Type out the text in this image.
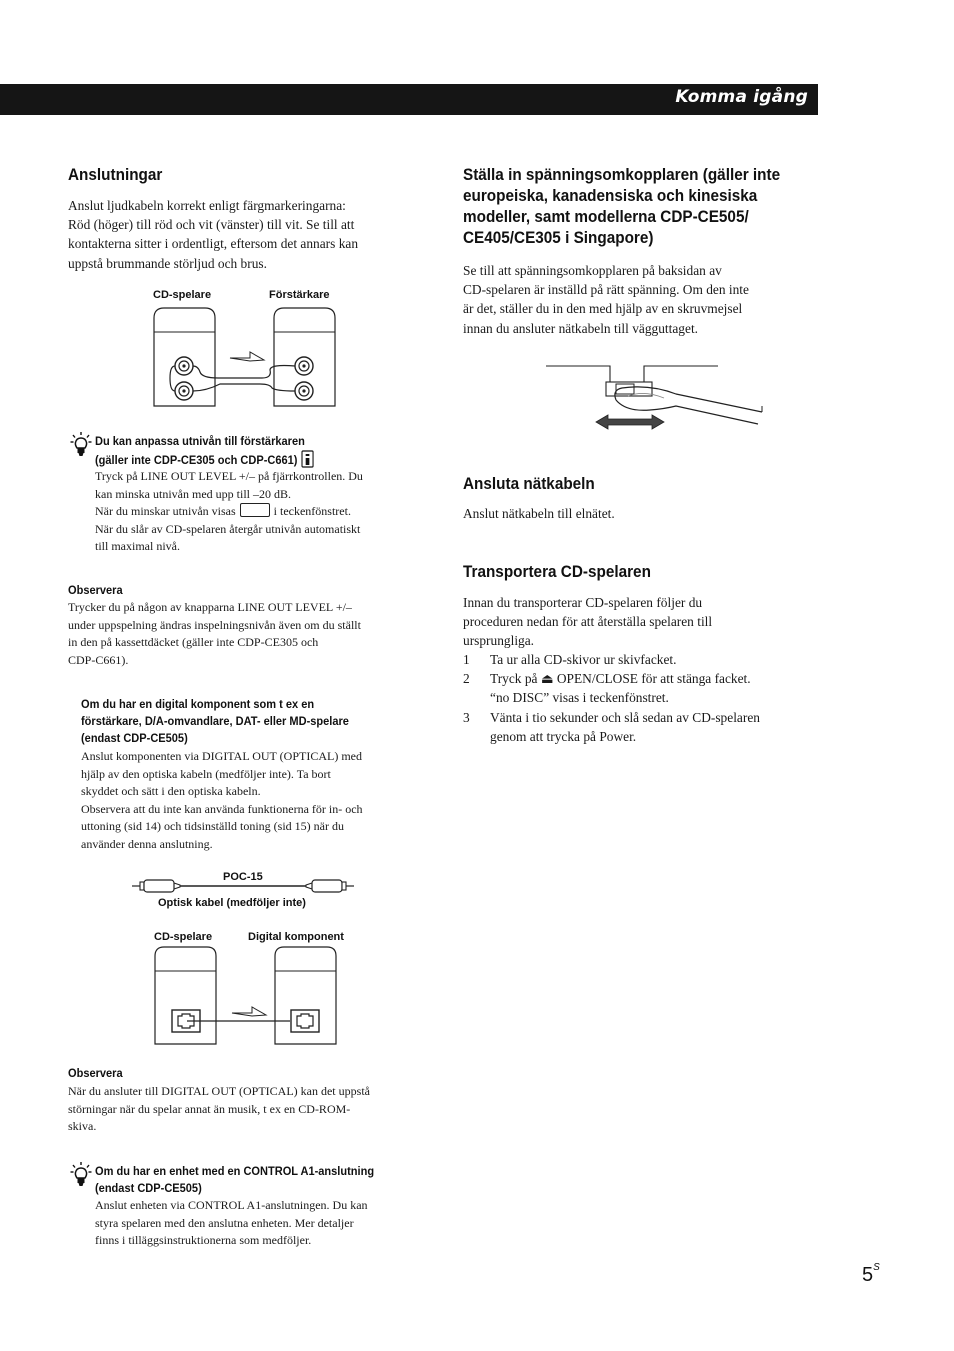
Komma igång
Anslutningar
Anslut ljudkabeln korrekt enligt färgmarkeringarna:
Röd (höger) till röd och vit (vänster) till vit. Se till att
kontakterna sitter i ordentligt, eftersom det annars kan
uppstå brummande störljud och brus.
CD-spelare	Förstärkare
Du kan anpassa utnivån till förstärkaren
(gäller inte CDP-CE305 och CDP-C661)
Tryck på LINE OUT LEVEL +/– på fjärrkontrollen. Du
kan minska utnivån med upp till –20 dB.
När du minskar utnivån visas	i teckenfönstret.
När du slår av CD-spelaren återgår utnivån automatiskt
till maximal nivå.
Observera
Trycker du på någon av knapparna LINE OUT LEVEL +/–
under uppspelning ändras inspelningsnivån även om du ställt
in den på kassettdäcket (gäller inte CDP-CE305 och
CDP-C661).
Om du har en digital komponent som t ex en
förstärkare, D/A-omvandlare, DAT- eller MD-spelare
(endast CDP-CE505)
Anslut komponenten via DIGITAL OUT (OPTICAL) med
hjälp av den optiska kabeln (medföljer inte). Ta bort
skyddet och sätt i den optiska kabeln.
Observera att du inte kan använda funktionerna för in- och
uttoning (sid 14) och tidsinställd toning (sid 15) när du
använder denna anslutning.
POC-15
Optisk kabel (medföljer inte)
CD-spelare	Digital komponent
Observera
När du ansluter till DIGITAL OUT (OPTICAL) kan det uppstå
störningar när du spelar annat än musik, t ex en CD-ROM-
skiva.
Om du har en enhet med en CONTROL A1-anslutning
(endast CDP-CE505)
Anslut enheten via CONTROL A1-anslutningen. Du kan
styra spelaren med den anslutna enheten. Mer detaljer
finns i tilläggsinstruktionerna som medföljer.
Ställa in spänningsomkopplaren (gäller inte
europeiska, kanadensiska och kinesiska
modeller, samt modellerna CDP-CE505/
CE405/CE305 i Singapore)
Se till att spänningsomkopplaren på baksidan av
CD-spelaren är inställd på rätt spänning. Om den inte
är det, ställer du in den med hjälp av en skruvmejsel
innan du ansluter nätkabeln till vägguttaget.
Ansluta nätkabeln
Anslut nätkabeln till elnätet.
Transportera CD-spelaren
Innan du transporterar CD-spelaren följer du
proceduren nedan för att återställa spelaren till
ursprungliga.
1 Ta ur alla CD-skivor ur skivfacket.
2 Tryck på ⏏ OPEN/CLOSE för att stänga facket.
“no DISC” visas i teckenfönstret.
3 Vänta i tio sekunder och slå sedan av CD-spelaren
genom att trycka på Power.
$5^S$
